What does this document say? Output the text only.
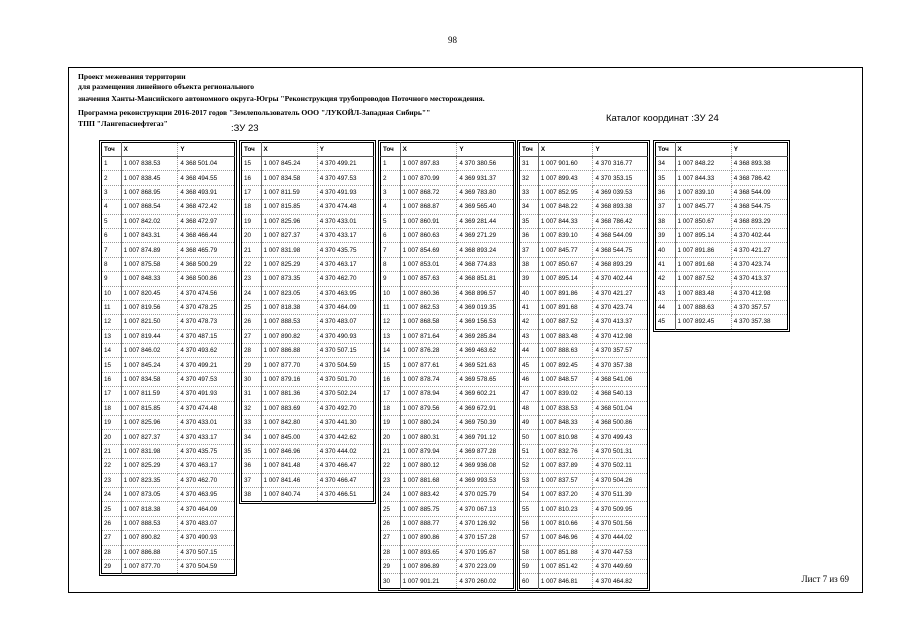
98
Проект межевания территории
для размещения линейного объекта регионального
значения Ханты-Мансийского автономного округа-Югры "Реконструкция трубопроводов Поточного месторождения.
Программа реконструкции 2016-2017 годов "Землепользователь ООО "ЛУКОЙЛ-Западная Сибирь""
ТПП "Лангепаснефтегаз"	:ЗУ 23
Каталог координат :ЗУ 24
Точ	X	Y
1	1 007 838.53	4 368 501.04
2	1 007 838.45	4 368 494.55
3	1 007 868.95	4 368 493.91
4	1 007 868.54	4 368 472.42
5	1 007 842.02	4 368 472.97
6	1 007 843.31	4 368 466.44
7	1 007 874.89	4 368 465.79
8	1 007 875.58	4 368 500.29
9	1 007 848.33	4 368 500.86
10	1 007 820.45	4 370 474.56
11	1 007 819.56	4 370 478.25
12	1 007 821.50	4 370 478.73
13	1 007 819.44	4 370 487.15
14	1 007 846.02	4 370 493.62
15	1 007 845.24	4 370 499.21
16	1 007 834.58	4 370 497.53
17	1 007 811.59	4 370 491.93
18	1 007 815.85	4 370 474.48
19	1 007 825.96	4 370 433.01
20	1 007 827.37	4 370 433.17
21	1 007 831.98	4 370 435.75
22	1 007 825.29	4 370 463.17
23	1 007 823.35	4 370 462.70
24	1 007 873.05	4 370 463.95
25	1 007 818.38	4 370 464.09
26	1 007 888.53	4 370 483.07
27	1 007 890.82	4 370 490.93
28	1 007 886.88	4 370 507.15
29	1 007 877.70	4 370 504.59
Точ	X	Y
15	1 007 845.24	4 370 499.21
16	1 007 834.58	4 370 497.53
17	1 007 811.59	4 370 491.93
18	1 007 815.85	4 370 474.48
19	1 007 825.96	4 370 433.01
20	1 007 827.37	4 370 433.17
21	1 007 831.98	4 370 435.75
22	1 007 825.29	4 370 463.17
23	1 007 873.35	4 370 462.70
24	1 007 823.05	4 370 463.95
25	1 007 818.38	4 370 464.09
26	1 007 888.53	4 370 483.07
27	1 007 890.82	4 370 490.93
28	1 007 886.88	4 370 507.15
29	1 007 877.70	4 370 504.59
30	1 007 879.16	4 370 501.70
31	1 007 881.36	4 370 502.24
32	1 007 883.69	4 370 492.70
33	1 007 842.80	4 370 441.30
34	1 007 845.00	4 370 442.62
35	1 007 846.96	4 370 444.02
36	1 007 841.48	4 370 466.47
37	1 007 841.46	4 370 466.47
38	1 007 840.74	4 370 466.51
Точ	X	Y
1	1 007 897.83	4 370 380.56
2	1 007 870.99	4 369 931.37
3	1 007 868.72	4 369 783.80
4	1 007 868.87	4 369 565.40
5	1 007 860.91	4 369 281.44
6	1 007 860.63	4 369 271.29
7	1 007 854.69	4 368 893.24
8	1 007 853.01	4 368 774.83
9	1 007 857.63	4 368 851.81
10	1 007 860.36	4 368 896.57
11	1 007 862.53	4 369 019.35
12	1 007 868.58	4 369 156.53
13	1 007 871.64	4 369 285.84
14	1 007 876.28	4 369 463.62
15	1 007 877.61	4 369 521.63
16	1 007 878.74	4 369 578.65
17	1 007 878.94	4 369 602.21
18	1 007 879.56	4 369 672.91
19	1 007 880.24	4 369 750.39
20	1 007 880.31	4 369 791.12
21	1 007 879.94	4 369 877.28
22	1 007 880.12	4 369 936.08
23	1 007 881.68	4 369 993.53
24	1 007 883.42	4 370 025.79
25	1 007 885.75	4 370 067.13
26	1 007 888.77	4 370 126.92
27	1 007 890.86	4 370 157.28
28	1 007 893.65	4 370 195.67
29	1 007 896.89	4 370 223.09
30	1 007 901.21	4 370 260.02
Точ	X	Y
31	1 007 901.60	4 370 316.77
32	1 007 899.43	4 370 353.15
33	1 007 852.95	4 369 039.53
34	1 007 848.22	4 368 893.38
35	1 007 844.33	4 368 786.42
36	1 007 839.10	4 368 544.09
37	1 007 845.77	4 368 544.75
38	1 007 850.67	4 368 893.29
39	1 007 895.14	4 370 402.44
40	1 007 891.86	4 370 421.27
41	1 007 891.68	4 370 423.74
42	1 007 887.52	4 370 413.37
43	1 007 883.48	4 370 412.98
44	1 007 888.63	4 370 357.57
45	1 007 892.45	4 370 357.38
46	1 007 848.57	4 368 541.06
47	1 007 839.02	4 368 540.13
48	1 007 838.53	4 368 501.04
49	1 007 848.33	4 368 500.86
50	1 007 810.98	4 370 499.43
51	1 007 832.76	4 370 501.31
52	1 007 837.89	4 370 502.11
53	1 007 837.57	4 370 504.26
54	1 007 837.20	4 370 511.39
55	1 007 810.23	4 370 509.95
56	1 007 810.66	4 370 501.56
57	1 007 846.96	4 370 444.02
58	1 007 851.88	4 370 447.53
59	1 007 851.42	4 370 449.69
60	1 007 846.81	4 370 464.82
Точ	X	Y
34	1 007 848.22	4 368 893.38
35	1 007 844.33	4 368 786.42
36	1 007 839.10	4 368 544.09
37	1 007 845.77	4 368 544.75
38	1 007 850.67	4 368 893.29
39	1 007 895.14	4 370 402.44
40	1 007 891.86	4 370 421.27
41	1 007 891.68	4 370 423.74
42	1 007 887.52	4 370 413.37
43	1 007 883.48	4 370 412.98
44	1 007 888.63	4 370 357.57
45	1 007 892.45	4 370 357.38
Лист 7 из 69
